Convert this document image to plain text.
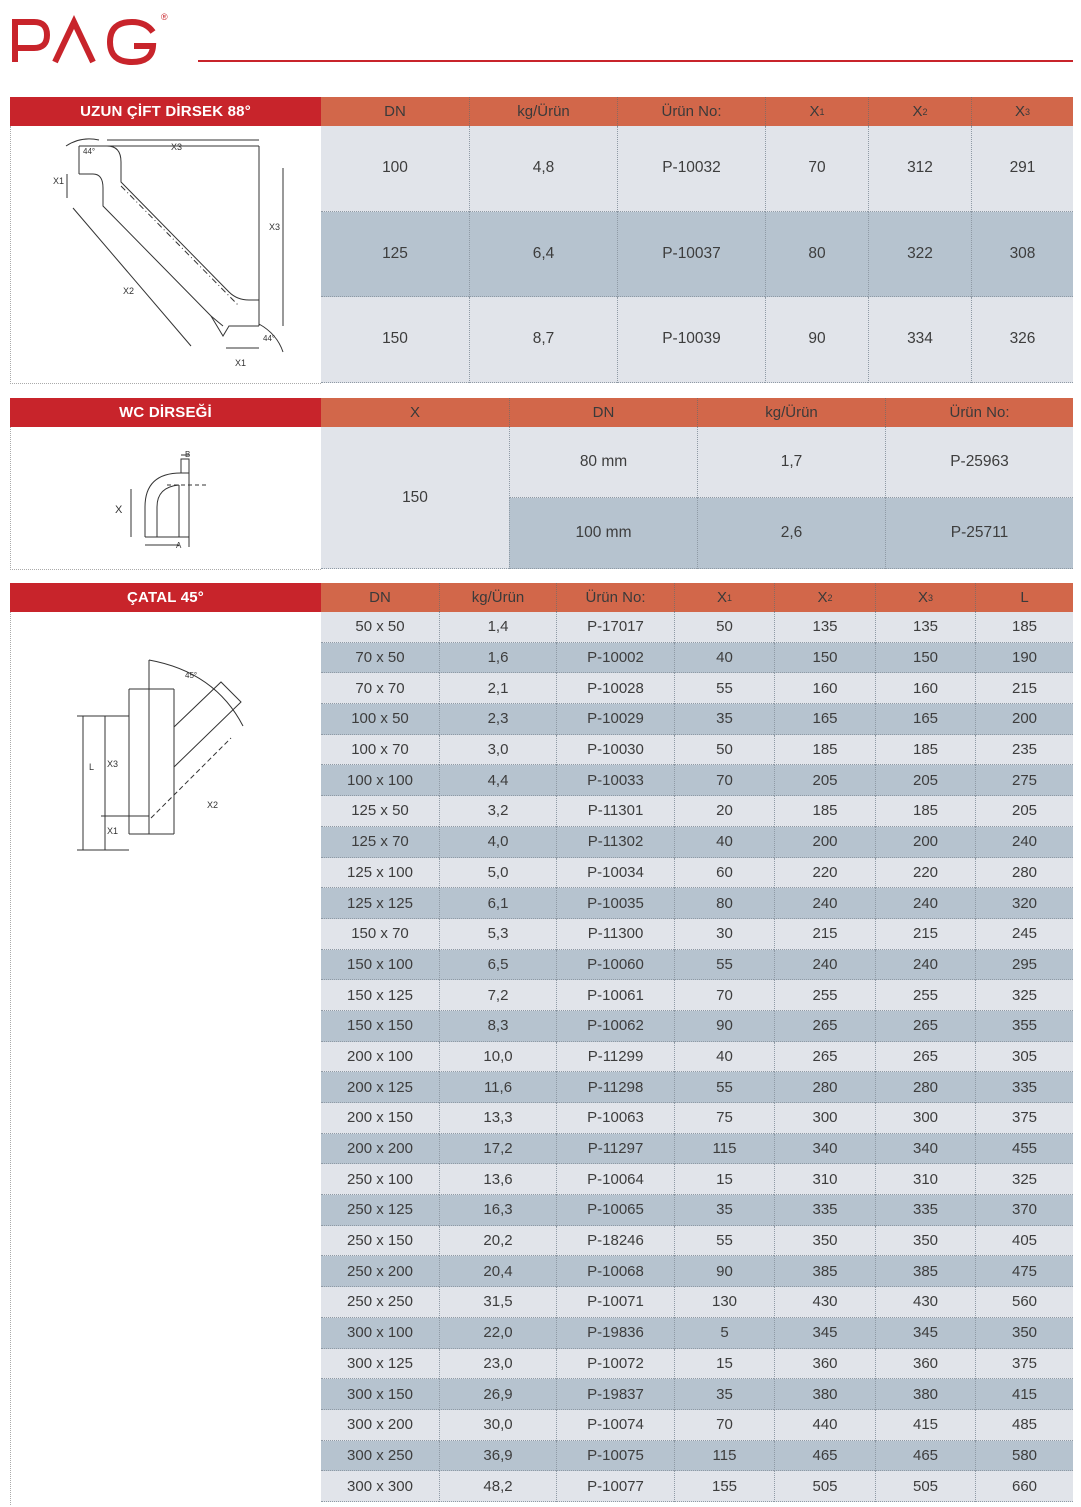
®
UZUN ÇİFT DİRSEK 88°	DN	kg/Ürün	Ürün No:	X 1	X 2	X 3
44°
44°
X3
X3
X1
X1
X2
100	4,8	P-10032	70	312	291
125	6,4	P-10037	80	322	308
150	8,7	P-10039	90	334	326
WC DİRSEĞİ	X	DN	kg/Ürün	Ürün No:
X
A
B
150
80 mm	1,7	P-25963
100 mm	2,6	P-25711
ÇATAL 45°	DN	kg/Ürün	Ürün No:	X 1	X 2	X 3	L
45°
L X3
X1
X2
50 x 50	1,4	P-17017	50	135	135	185
70 x 50	1,6	P-10002	40	150	150	190
70 x 70	2,1	P-10028	55	160	160	215
100 x 50	2,3	P-10029	35	165	165	200
100 x 70	3,0	P-10030	50	185	185	235
100 x 100	4,4	P-10033	70	205	205	275
125 x 50	3,2	P-11301	20	185	185	205
125 x 70	4,0	P-11302	40	200	200	240
125 x 100	5,0	P-10034	60	220	220	280
125 x 125	6,1	P-10035	80	240	240	320
150 x 70	5,3	P-11300	30	215	215	245
150 x 100	6,5	P-10060	55	240	240	295
150 x 125	7,2	P-10061	70	255	255	325
150 x 150	8,3	P-10062	90	265	265	355
200 x 100	10,0	P-11299	40	265	265	305
200 x 125	11,6	P-11298	55	280	280	335
200 x 150	13,3	P-10063	75	300	300	375
200 x 200	17,2	P-11297	115	340	340	455
250 x 100	13,6	P-10064	15	310	310	325
250 x 125	16,3	P-10065	35	335	335	370
250 x 150	20,2	P-18246	55	350	350	405
250 x 200	20,4	P-10068	90	385	385	475
250 x 250	31,5	P-10071	130	430	430	560
300 x 100	22,0	P-19836	5	345	345	350
300 x 125	23,0	P-10072	15	360	360	375
300 x 150	26,9	P-19837	35	380	380	415
300 x 200	30,0	P-10074	70	440	415	485
300 x 250	36,9	P-10075	115	465	465	580
300 x 300	48,2	P-10077	155	505	505	660
